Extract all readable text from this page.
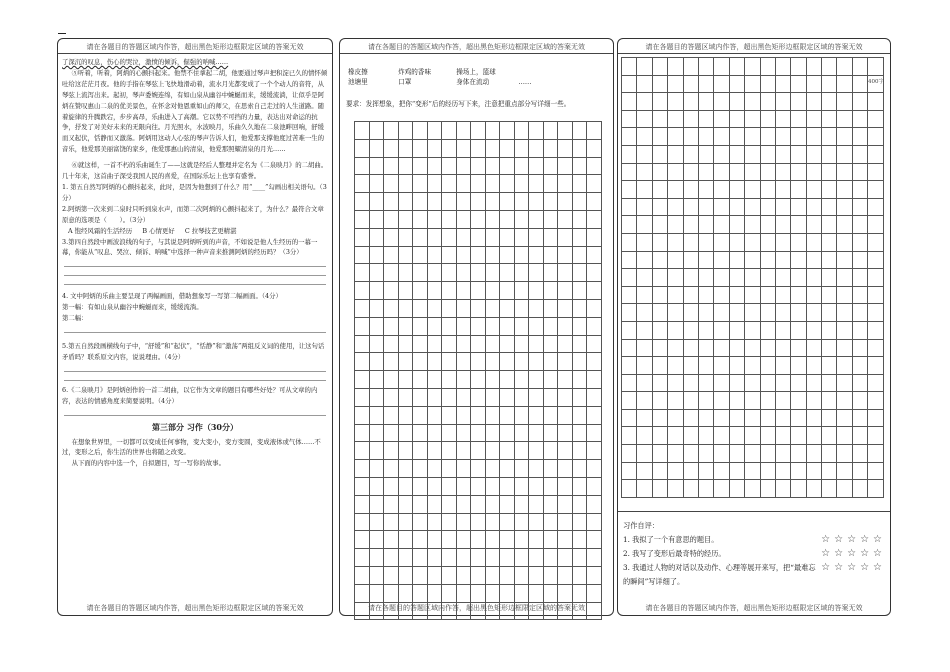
请在各题目的答题区域内作答，超出黑色矩形边框限定区域的答案无效

了深沉的叹息，伤心的哭泣，激愤的倾诉，倔强的呐喊……

⑤听着，听着，阿炳的心颤抖起来。他禁不住拿起二胡，他要通过琴声把积淀已久的情怀倾吐给这茫茫月夜。他的手指在琴弦上飞快地滑动着，流水月光都变成了一个个动人的音符，从琴弦上流泻出来。起初，琴声委婉连绵，有如山泉从幽谷中蜿蜒而来，缓缓流淌，让似乎是阿炳在赞叹惠山二泉的优美景色，在怀念对他恩重如山的师父，在思索自己走过的人生道路。随着旋律的升腾跌宕，步步高昂，乐曲进入了高潮。它以势不可挡的力量，表达出对命运的抗争，抒发了对美好未来的无限向往。月光照水，水波映月，乐曲久久地在二泉池畔回响，舒缓而又起伏，恬静而又激荡。阿炳用这动人心弦的琴声告诉人们，他爱那支撑他度过苦难一生的音乐，他爱那美丽富饶的家乡，他爱那惠山的清泉，他爱那照耀清泉的月光……

⑥就这样，一首不朽的乐曲诞生了——这就是经后人整理并定名为《二泉映月》的二胡曲。几十年来，这首曲子深受我国人民的喜爱，在国际乐坛上也享有盛誉。

1. 第五自然写阿炳的心颤抖起来，此时，是因为他想到了什么？用“____”勾画出相关语句。（3分）

2.阿炳第一次来到二泉时只听到泉水声，而第二次阿炳的心颤抖起来了，为什么？最符合文章原意的选项是（　　）。（3分）

A 饱经风霜的生活经历 B 心情更好 C 拉琴技艺更精湛

3.第四自然段中画波浪线的句子，与其说是阿炳听到的声音，不如说是他人生经历的一幕一幕，你能从“叹息、哭泣、倾诉、呐喊”中选择一种声音来推测阿炳的经历吗？（3分）

4. 文中阿炳的乐曲主要呈现了两幅画面，借助想象写一写第二幅画面。（4分）

第一幅：有如山泉从幽谷中蜿蜒而来，缓缓流淌。

第二幅：

5.第五自然段画横线句子中，“舒缓”和“起伏”，“恬静”和“激荡”两组反义词的使用，让这句话矛盾吗？联系原文内容，说说理由。（4分）

6.《二泉映月》是阿炳创作的一首二胡曲，以它作为文章的题目有哪些好处？可从文章的内容，表达的情感角度来简要说明。（4分）

第三部分 习作（30分）

在想象世界里，一切都可以变成任何事物，变大变小，变方变圆，变成液体或气体……不过，变形之后，你生活的世界也将随之改变。

从下面的内容中选一个，自拟题目，写一写你的故事。

请在各题目的答题区域内作答，超出黑色矩形边框限定区域的答案无效
请在各题目的答题区域内作答，超出黑色矩形边框限定区域的答案无效
橡皮擦	炸鸡的香味	操场上，篮球
池塘里	口罩	身体在流动	……
要求：发挥想象，把你“变形”后的经历写下来，注意把重点部分写详细一些。
请在各题目的答题区域内作答，超出黑色矩形边框限定区域的答案无效
请在各题目的答题区域内作答，超出黑色矩形边框限定区域的答案无效
400字
习作自评：
1. 我拟了一个有意思的题目。	☆☆☆☆☆
2. 我写了变形后最奇特的经历。	☆☆☆☆☆
3. 我通过人物的对话以及动作、心理等展开来写，把“最难忘的瞬间”写详细了。
☆☆☆☆☆
请在各题目的答题区域内作答，超出黑色矩形边框限定区域的答案无效
